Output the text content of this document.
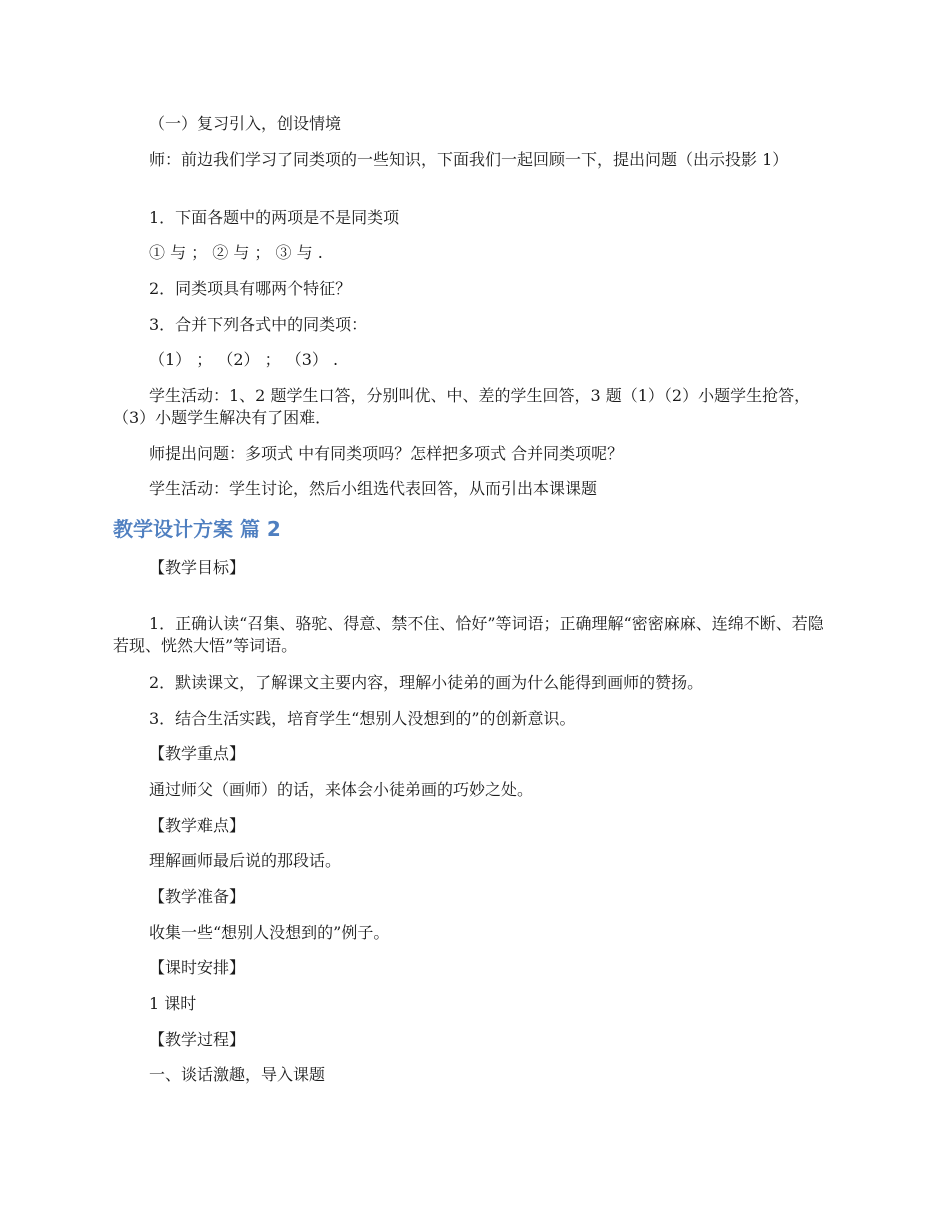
（一）复习引入，创设情境

师：前边我们学习了同类项的一些知识，下面我们一起回顾一下，提出问题（出示投影 1）

1．下面各题中的两项是不是同类项

① 与 ； ② 与 ； ③ 与 .

2．同类项具有哪两个特征？

3．合并下列各式中的同类项：

（1） ； （2） ； （3） .

学生活动：1、2 题学生口答，分别叫优、中、差的学生回答，3 题（1）（2）小题学生抢答，（3）小题学生解决有了困难．

师提出问题：多项式 中有同类项吗？怎样把多项式 合并同类项呢？

学生活动：学生讨论，然后小组选代表回答，从而引出本课课题

教学设计方案 篇 2

【教学目标】

1．正确认读“召集、骆驼、得意、禁不住、恰好”等词语；正确理解“密密麻麻、连绵不断、若隐若现、恍然大悟”等词语。

2．默读课文，了解课文主要内容，理解小徒弟的画为什么能得到画师的赞扬。

3．结合生活实践，培育学生“想别人没想到的”的创新意识。

【教学重点】

通过师父（画师）的话，来体会小徒弟画的巧妙之处。

【教学难点】

理解画师最后说的那段话。

【教学准备】

收集一些“想别人没想到的”例子。

【课时安排】

1 课时

【教学过程】

一、谈话激趣，导入课题
